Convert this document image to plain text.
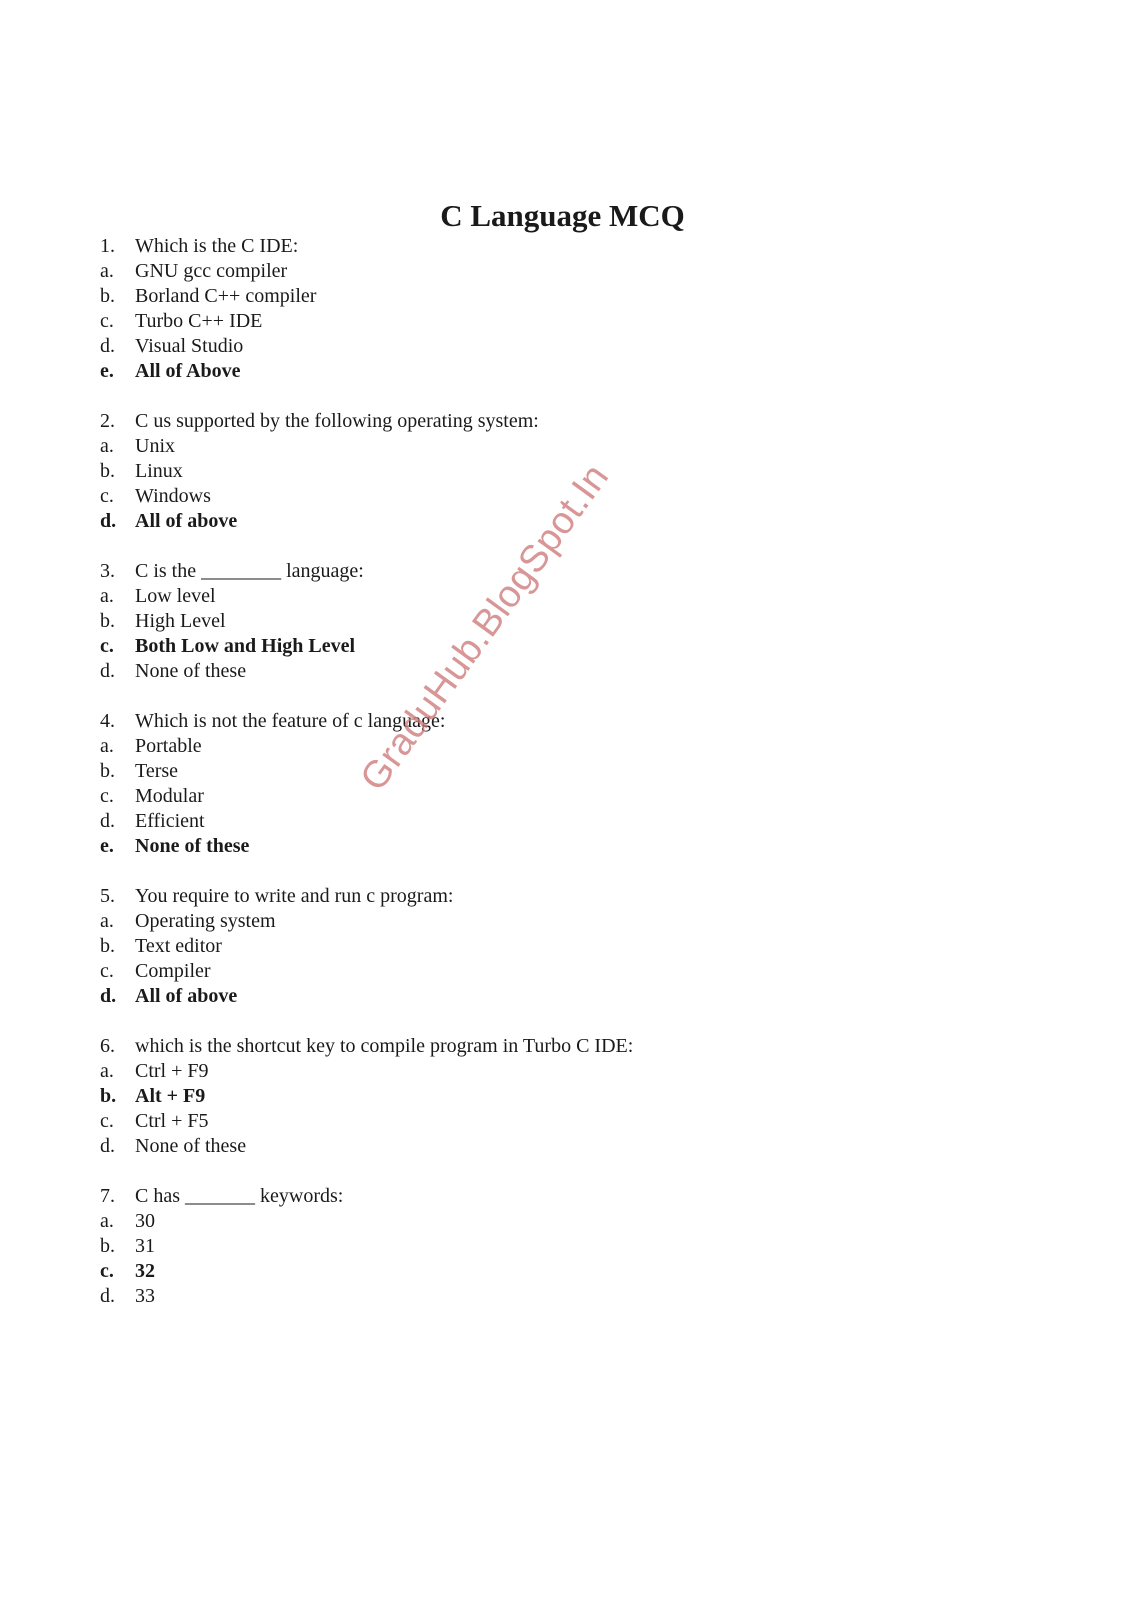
C Language MCQ
1. Which is the C IDE:
a. GNU gcc compiler
b. Borland C++ compiler
c. Turbo C++ IDE
d. Visual Studio
e. All of Above
2. C us supported by the following operating system:
a. Unix
b. Linux
c. Windows
d. All of above
3. C is the ________ language:
a. Low level
b. High Level
c. Both Low and High Level
d. None of these
4. Which is not the feature of c language:
a. Portable
b. Terse
c. Modular
d. Efficient
e. None of these
5. You require to write and run c program:
a. Operating system
b. Text editor
c. Compiler
d. All of above
6. which is the shortcut key to compile program in Turbo C IDE:
a. Ctrl + F9
b. Alt + F9
c. Ctrl + F5
d. None of these
7. C has _______ keywords:
a. 30
b. 31
c. 32
d. 33
GraduHub.BlogSpot.In
